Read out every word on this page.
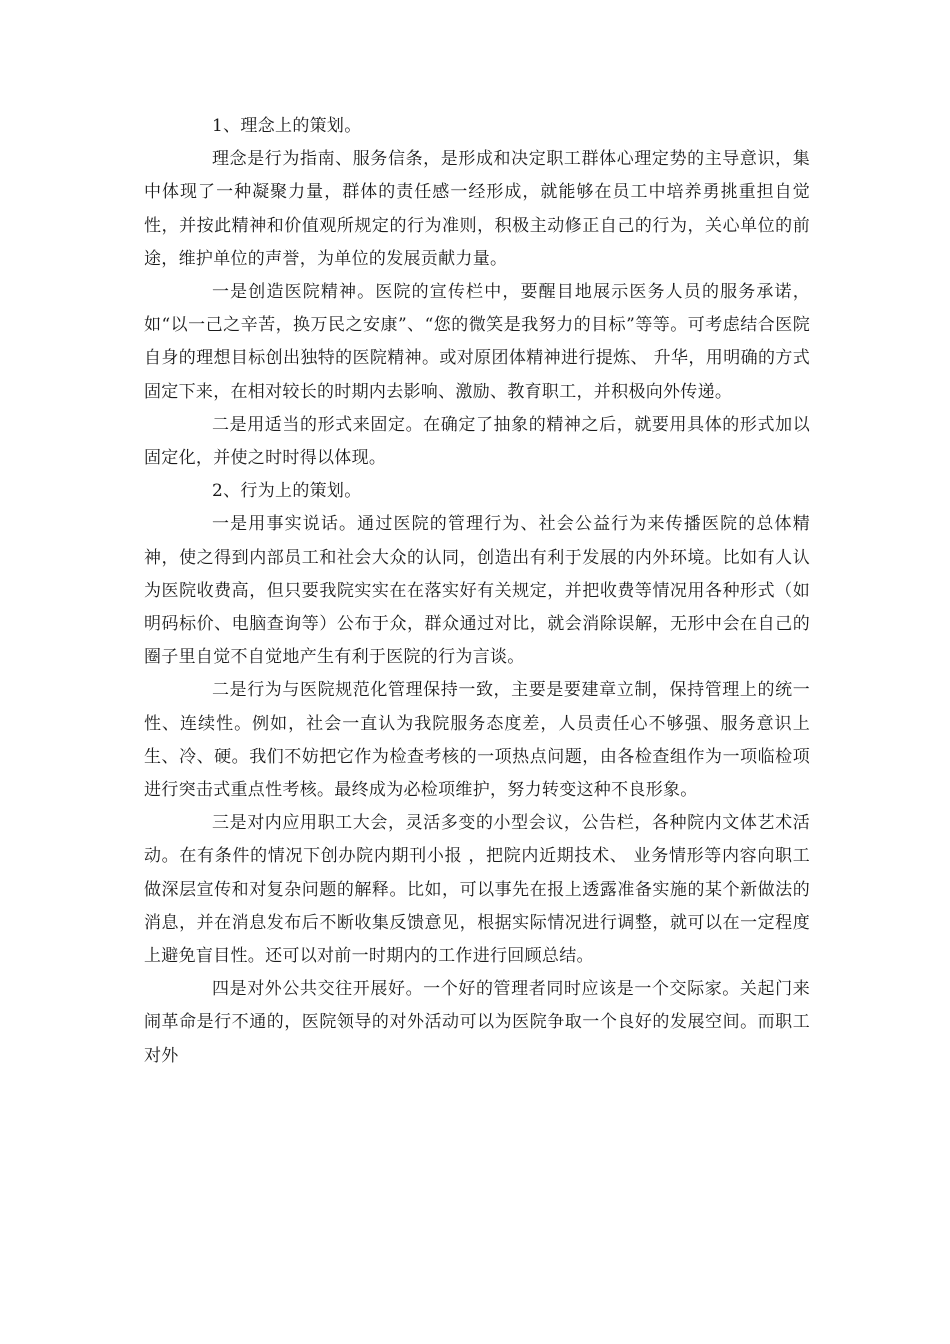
1、理念上的策划。

理念是行为指南、服务信条，是形成和决定职工群体心理定势的主导意识，集中体现了一种凝聚力量，群体的责任感一经形成，就能够在员工中培养勇挑重担自觉性，并按此精神和价值观所规定的行为准则，积极主动修正自己的行为，关心单位的前途，维护单位的声誉，为单位的发展贡献力量。

一是创造医院精神。医院的宣传栏中，要醒目地展示医务人员的服务承诺，如“以一己之辛苦，换万民之安康”、“您的微笑是我努力的目标”等等。可考虑结合医院自身的理想目标创出独特的医院精神。或对原团体精神进行提炼、 升华，用明确的方式固定下来，在相对较长的时期内去影响、激励、教育职工，并积极向外传递。

二是用适当的形式来固定。在确定了抽象的精神之后，就要用具体的形式加以固定化，并使之时时得以体现。

2、行为上的策划。

一是用事实说话。通过医院的管理行为、社会公益行为来传播医院的总体精神，使之得到内部员工和社会大众的认同，创造出有利于发展的内外环境。比如有人认为医院收费高，但只要我院实实在在落实好有关规定，并把收费等情况用各种形式（如明码标价、电脑查询等）公布于众，群众通过对比，就会消除误解，无形中会在自己的圈子里自觉不自觉地产生有利于医院的行为言谈。

二是行为与医院规范化管理保持一致，主要是要建章立制，保持管理上的统一性、连续性。例如，社会一直认为我院服务态度差，人员责任心不够强、服务意识上生、冷、硬。我们不妨把它作为检查考核的一项热点问题，由各检查组作为一项临检项进行突击式重点性考核。最终成为必检项维护，努力转变这种不良形象。

三是对内应用职工大会，灵活多变的小型会议，公告栏，各种院内文体艺术活动。在有条件的情况下创办院内期刊小报 ，把院内近期技术、 业务情形等内容向职工做深层宣传和对复杂问题的解释。比如，可以事先在报上透露准备实施的某个新做法的消息，并在消息发布后不断收集反馈意见，根据实际情况进行调整，就可以在一定程度上避免盲目性。还可以对前一时期内的工作进行回顾总结。

四是对外公共交往开展好。一个好的管理者同时应该是一个交际家。关起门来闹革命是行不通的，医院领导的对外活动可以为医院争取一个良好的发展空间。而职工对外
